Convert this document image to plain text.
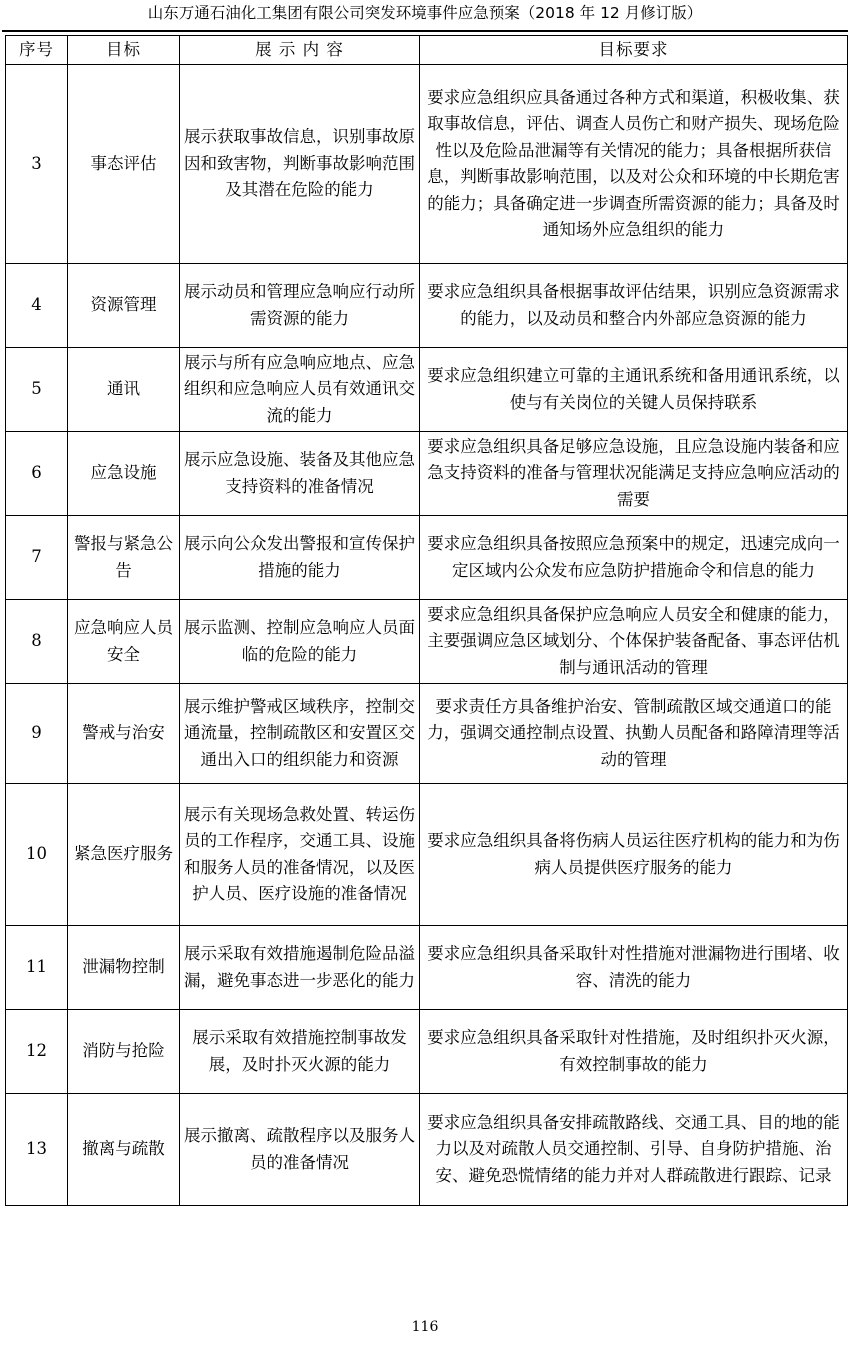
山东万通石油化工集团有限公司突发环境事件应急预案（2018 年 12 月修订版）
序号	目标	展 示 内 容	目标要求
3	事态评估	展示获取事故信息，识别事故原因和致害物，判断事故影响范围及其潜在危险的能力	要求应急组织应具备通过各种方式和渠道，积极收集、获取事故信息，评估、调查人员伤亡和财产损失、现场危险性以及危险品泄漏等有关情况的能力；具备根据所获信息，判断事故影响范围，以及对公众和环境的中长期危害的能力；具备确定进一步调查所需资源的能力；具备及时通知场外应急组织的能力
4	资源管理	展示动员和管理应急响应行动所需资源的能力	要求应急组织具备根据事故评估结果，识别应急资源需求的能力，以及动员和整合内外部应急资源的能力
5	通讯	展示与所有应急响应地点、应急组织和应急响应人员有效通讯交流的能力	要求应急组织建立可靠的主通讯系统和备用通讯系统，以使与有关岗位的关键人员保持联系
6	应急设施	展示应急设施、装备及其他应急支持资料的准备情况	要求应急组织具备足够应急设施，且应急设施内装备和应急支持资料的准备与管理状况能满足支持应急响应活动的需要
7	警报与紧急公告	展示向公众发出警报和宣传保护措施的能力	要求应急组织具备按照应急预案中的规定，迅速完成向一定区域内公众发布应急防护措施命令和信息的能力
8	应急响应人员安全	展示监测、控制应急响应人员面临的危险的能力	要求应急组织具备保护应急响应人员安全和健康的能力，主要强调应急区域划分、个体保护装备配备、事态评估机制与通讯活动的管理
9	警戒与治安	展示维护警戒区域秩序，控制交通流量，控制疏散区和安置区交通出入口的组织能力和资源	要求责任方具备维护治安、管制疏散区域交通道口的能力，强调交通控制点设置、执勤人员配备和路障清理等活动的管理
10	紧急医疗服务	展示有关现场急救处置、转运伤员的工作程序，交通工具、设施和服务人员的准备情况，以及医护人员、医疗设施的准备情况	要求应急组织具备将伤病人员运往医疗机构的能力和为伤病人员提供医疗服务的能力
11	泄漏物控制	展示采取有效措施遏制危险品溢漏，避免事态进一步恶化的能力	要求应急组织具备采取针对性措施对泄漏物进行围堵、收容、清洗的能力
12	消防与抢险	展示采取有效措施控制事故发展，及时扑灭火源的能力	要求应急组织具备采取针对性措施，及时组织扑灭火源，有效控制事故的能力
13	撤离与疏散	展示撤离、疏散程序以及服务人员的准备情况	要求应急组织具备安排疏散路线、交通工具、目的地的能力以及对疏散人员交通控制、引导、自身防护措施、治安、避免恐慌情绪的能力并对人群疏散进行跟踪、记录
116
